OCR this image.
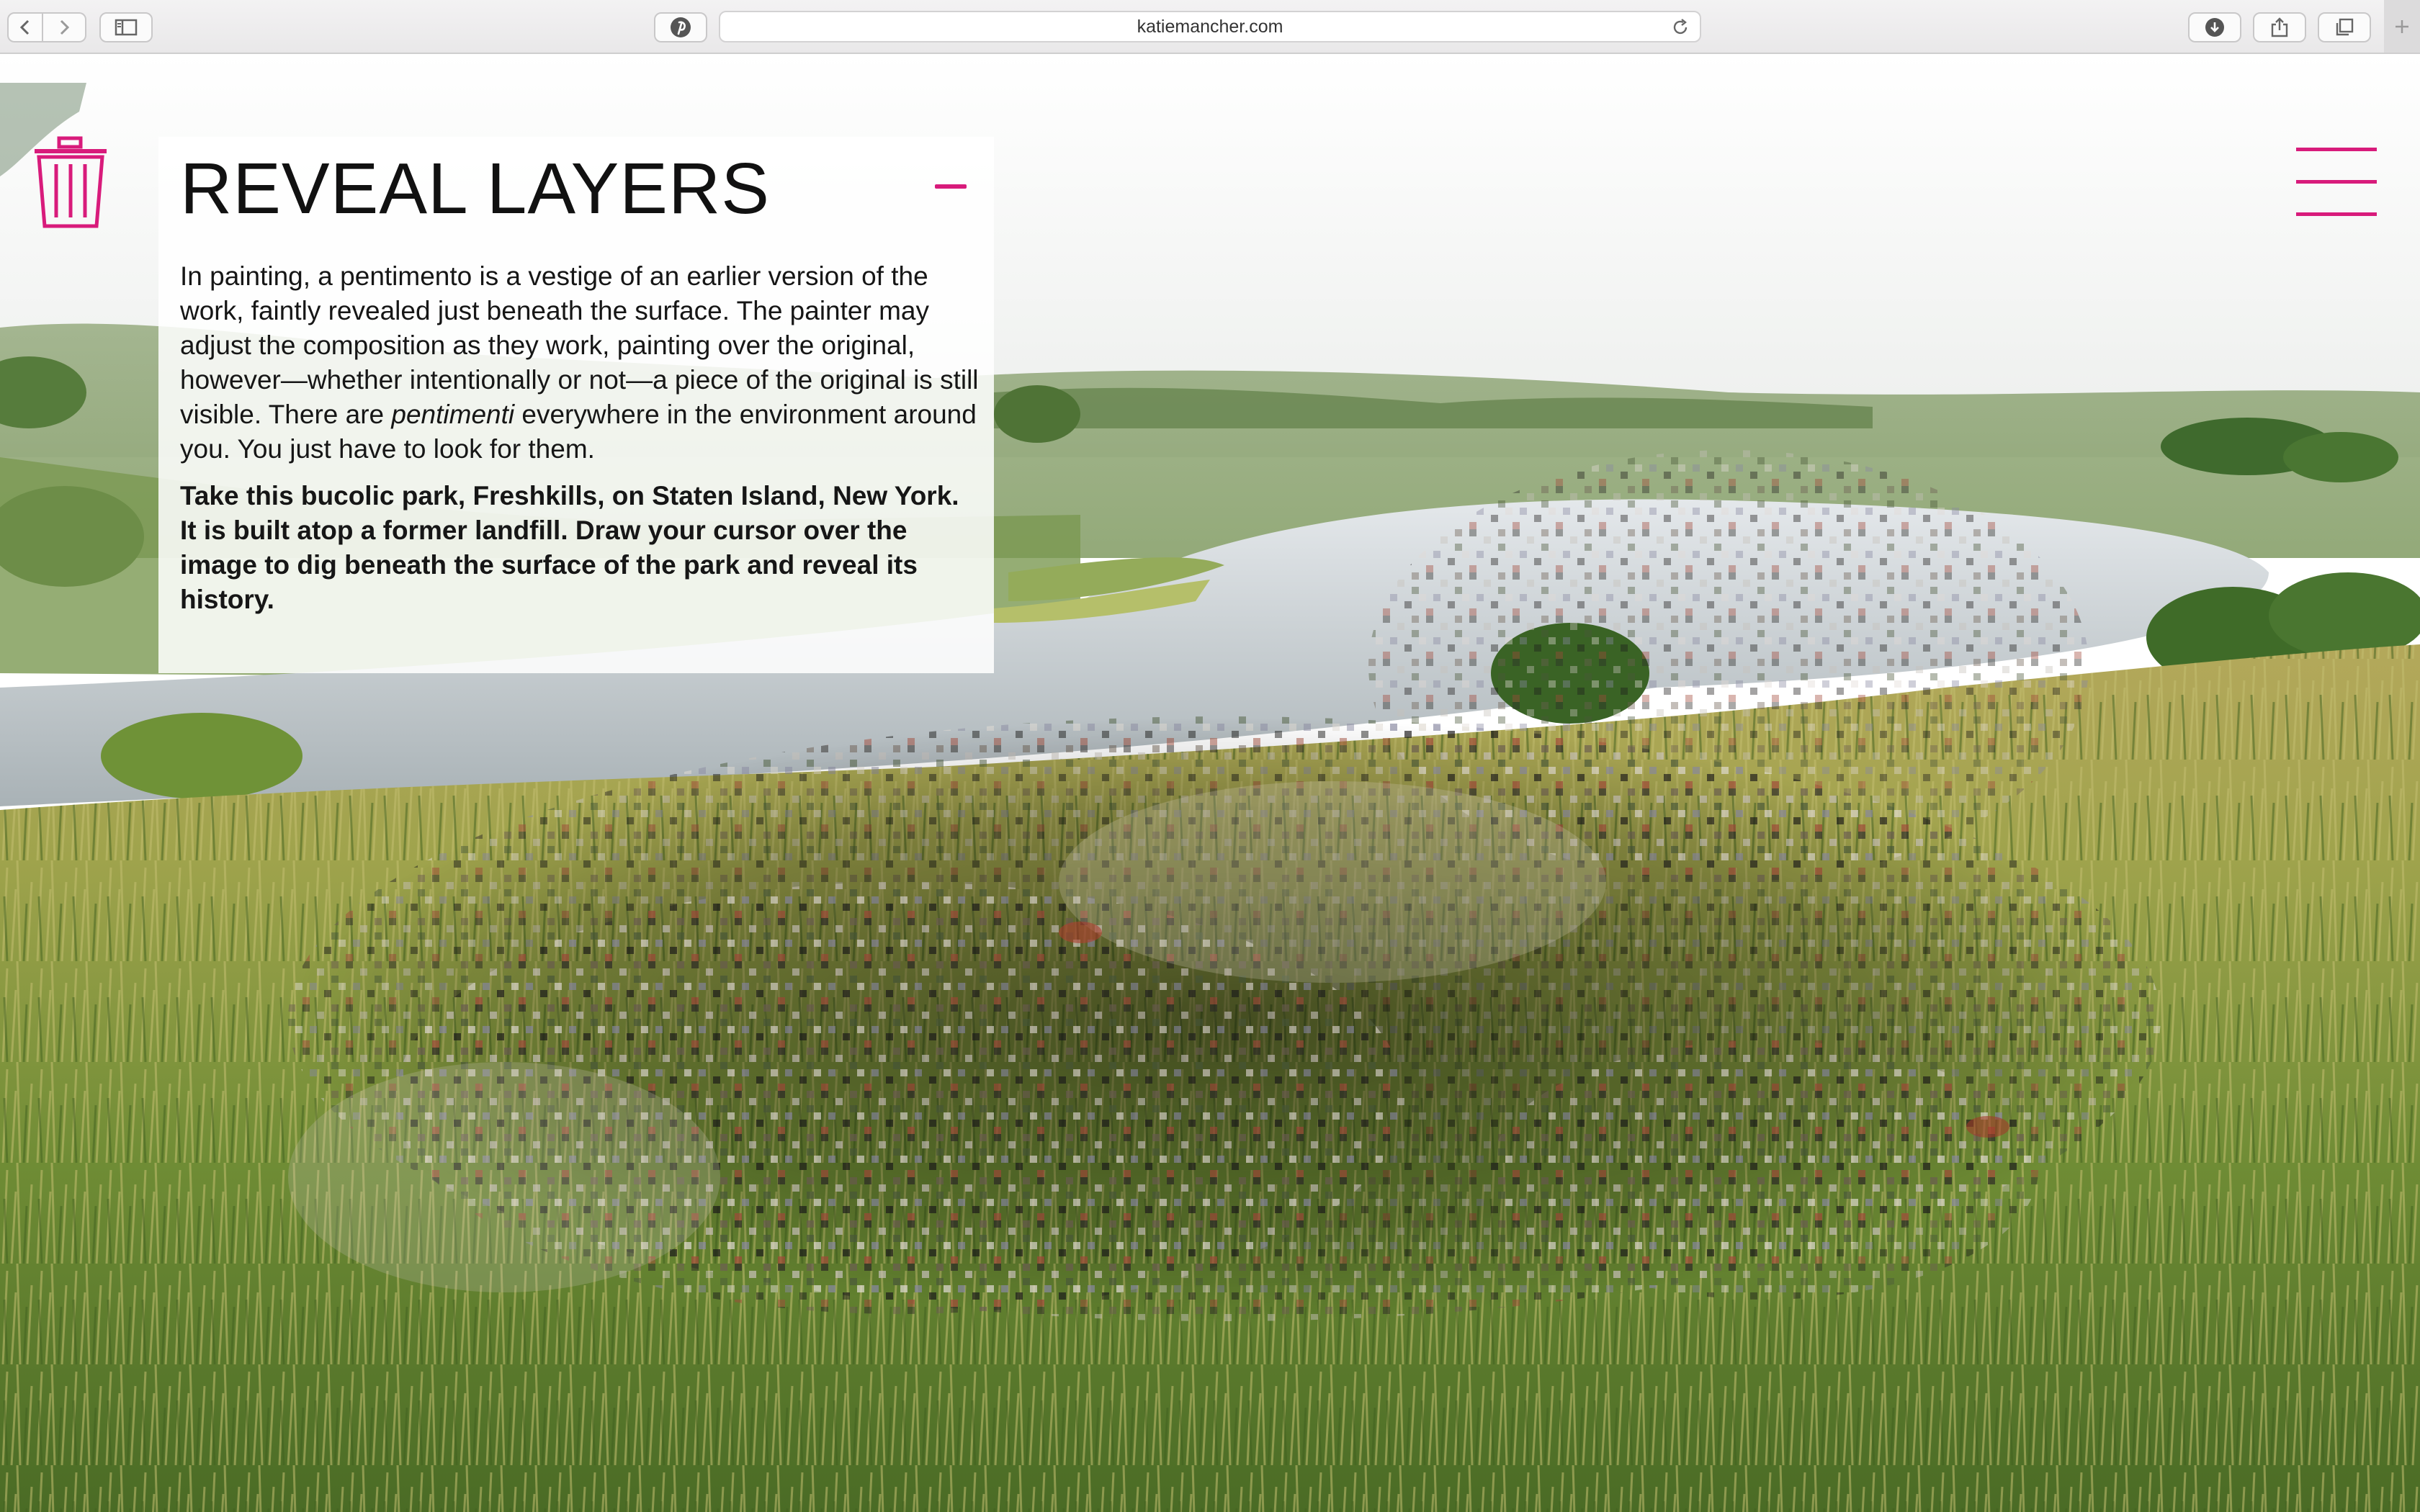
katiemancher.com
REVEAL LAYERS

In painting, a pentimento is a vestige of an earlier version of the work, faintly revealed just beneath the surface. The painter may adjust the composition as they work, painting over the original, however—whether intentionally or not—a piece of the original is still visible. There are pentimenti everywhere in the environment around you. You just have to look for them.

Take this bucolic park, Freshkills, on Staten Island, New York. It is built atop a former landfill. Draw your cursor over the image to dig beneath the surface of the park and reveal its history.
